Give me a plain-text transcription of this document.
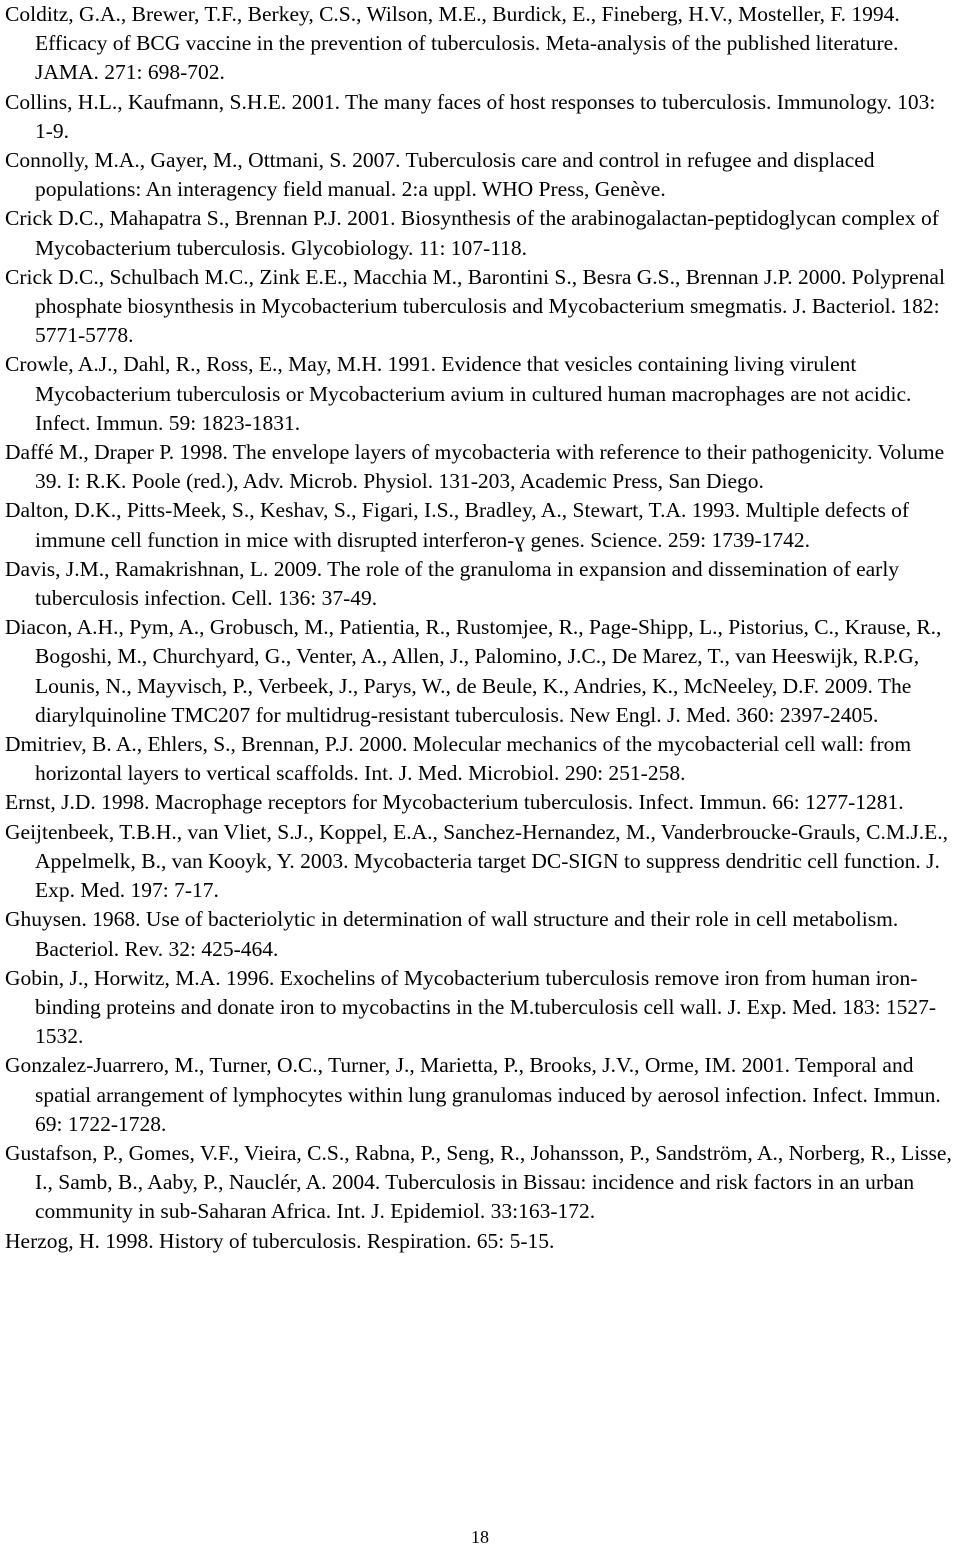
Colditz, G.A., Brewer, T.F., Berkey, C.S., Wilson, M.E., Burdick, E., Fineberg, H.V., Mosteller, F. 1994. Efficacy of BCG vaccine in the prevention of tuberculosis. Meta-analysis of the published literature. JAMA. 271: 698-702.

Collins, H.L., Kaufmann, S.H.E. 2001. The many faces of host responses to tuberculosis. Immunology. 103: 1-9.

Connolly, M.A., Gayer, M., Ottmani, S. 2007. Tuberculosis care and control in refugee and displaced populations: An interagency field manual. 2:a uppl. WHO Press, Genève.

Crick D.C., Mahapatra S., Brennan P.J. 2001. Biosynthesis of the arabinogalactan-peptidoglycan complex of Mycobacterium tuberculosis. Glycobiology. 11: 107-118.

Crick D.C., Schulbach M.C., Zink E.E., Macchia M., Barontini S., Besra G.S., Brennan J.P. 2000. Polyprenal phosphate biosynthesis in Mycobacterium tuberculosis and Mycobacterium smegmatis. J. Bacteriol. 182: 5771-5778.

Crowle, A.J., Dahl, R., Ross, E., May, M.H. 1991. Evidence that vesicles containing living virulent Mycobacterium tuberculosis or Mycobacterium avium in cultured human macrophages are not acidic. Infect. Immun. 59: 1823-1831.

Daffé M., Draper P. 1998. The envelope layers of mycobacteria with reference to their pathogenicity. Volume 39. I: R.K. Poole (red.), Adv. Microb. Physiol. 131-203, Academic Press, San Diego.

Dalton, D.K., Pitts-Meek, S., Keshav, S., Figari, I.S., Bradley, A., Stewart, T.A. 1993. Multiple defects of immune cell function in mice with disrupted interferon-ɣ genes. Science. 259: 1739-1742.

Davis, J.M., Ramakrishnan, L. 2009. The role of the granuloma in expansion and dissemination of early tuberculosis infection. Cell. 136: 37-49.

Diacon, A.H., Pym, A., Grobusch, M., Patientia, R., Rustomjee, R., Page-Shipp, L., Pistorius, C., Krause, R., Bogoshi, M., Churchyard, G., Venter, A., Allen, J., Palomino, J.C., De Marez, T., van Heeswijk, R.P.G, Lounis, N., Mayvisch, P., Verbeek, J., Parys, W., de Beule, K., Andries, K., McNeeley, D.F. 2009. The diarylquinoline TMC207 for multidrug-resistant tuberculosis. New Engl. J. Med. 360: 2397-2405.

Dmitriev, B. A., Ehlers, S., Brennan, P.J. 2000. Molecular mechanics of the mycobacterial cell wall: from horizontal layers to vertical scaffolds. Int. J. Med. Microbiol. 290: 251-258.

Ernst, J.D. 1998. Macrophage receptors for Mycobacterium tuberculosis. Infect. Immun. 66: 1277-1281.

Geijtenbeek, T.B.H., van Vliet, S.J., Koppel, E.A., Sanchez-Hernandez, M., Vanderbroucke-Grauls, C.M.J.E., Appelmelk, B., van Kooyk, Y. 2003. Mycobacteria target DC-SIGN to suppress dendritic cell function. J. Exp. Med. 197: 7-17.

Ghuysen. 1968. Use of bacteriolytic in determination of wall structure and their role in cell metabolism. Bacteriol. Rev. 32: 425-464.

Gobin, J., Horwitz, M.A. 1996. Exochelins of Mycobacterium tuberculosis remove iron from human iron-binding proteins and donate iron to mycobactins in the M.tuberculosis cell wall. J. Exp. Med. 183: 1527-1532.

Gonzalez-Juarrero, M., Turner, O.C., Turner, J., Marietta, P., Brooks, J.V., Orme, IM. 2001. Temporal and spatial arrangement of lymphocytes within lung granulomas induced by aerosol infection. Infect. Immun. 69: 1722-1728.

Gustafson, P., Gomes, V.F., Vieira, C.S., Rabna, P., Seng, R., Johansson, P., Sandström, A., Norberg, R., Lisse, I., Samb, B., Aaby, P., Nauclér, A. 2004. Tuberculosis in Bissau: incidence and risk factors in an urban community in sub-Saharan Africa. Int. J. Epidemiol. 33:163-172.

Herzog, H. 1998. History of tuberculosis. Respiration. 65: 5-15.

18
